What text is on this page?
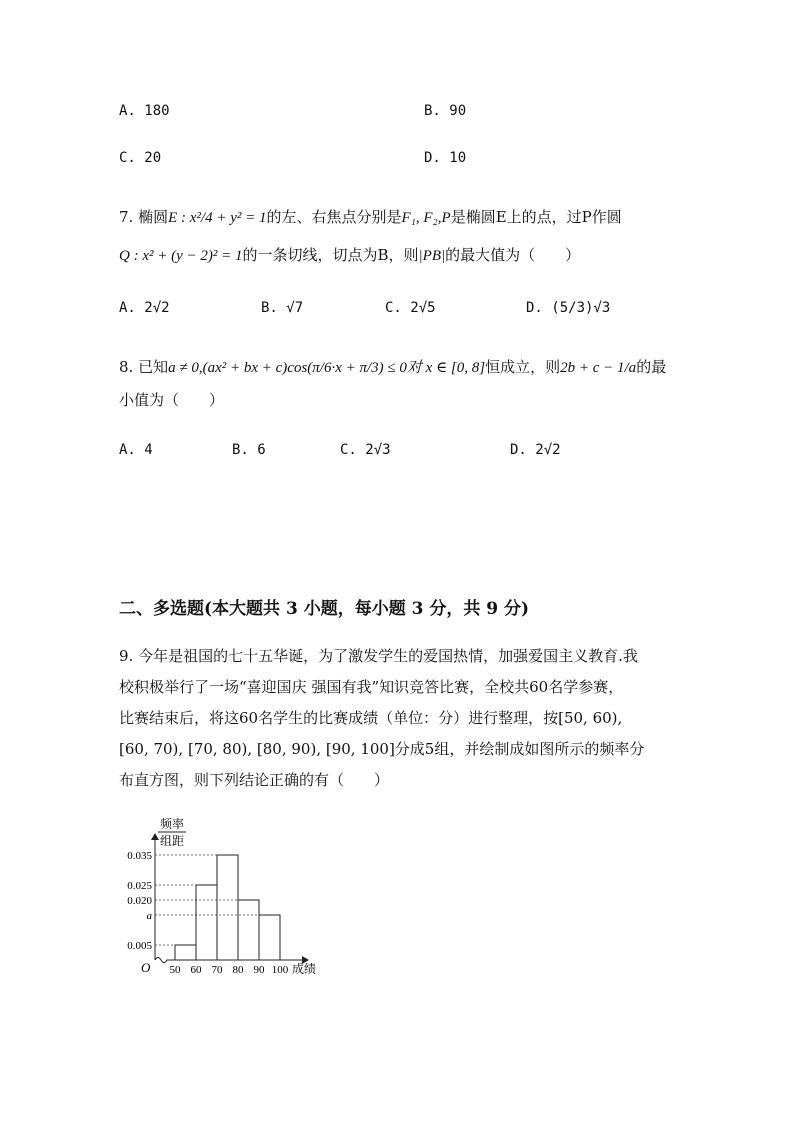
A. 180	B. 90
C. 20	D. 10
7. 椭圆E : x²/4 + y² = 1的左、右焦点分别是F₁, F₂,P是椭圆E上的点，过P作圆
Q : x² + (y − 2)² = 1的一条切线，切点为B，则|PB|的最大值为（　　）
A. 2√2	B. √7	C. 2√5	D. (5/3)√3
8. 已知a ≠ 0,(ax² + bx + c)cos(π/6·x + π/3) ≤ 0对 x ∈ [0, 8]恒成立，则2b + c − 1/a的最
小值为（　　）
A. 4	B. 6	C. 2√3	D. 2√2
二、多选题(本大题共 3 小题，每小题 3 分，共 9 分)
9. 今年是祖国的七十五华诞，为了激发学生的爱国热情，加强爱国主义教育.我
校积极举行了一场“喜迎国庆 强国有我”知识竞答比赛，全校共60名学参赛，
比赛结束后，将这60名学生的比赛成绩（单位：分）进行整理，按[50, 60),
[60, 70), [70, 80), [80, 90), [90, 100]分成5组，并绘制成如图所示的频率分
布直方图，则下列结论正确的有（　　）
频率
组距
O	成绩
0.035
0.025
0.020
a
0.005
50 60 70 80 90 100
